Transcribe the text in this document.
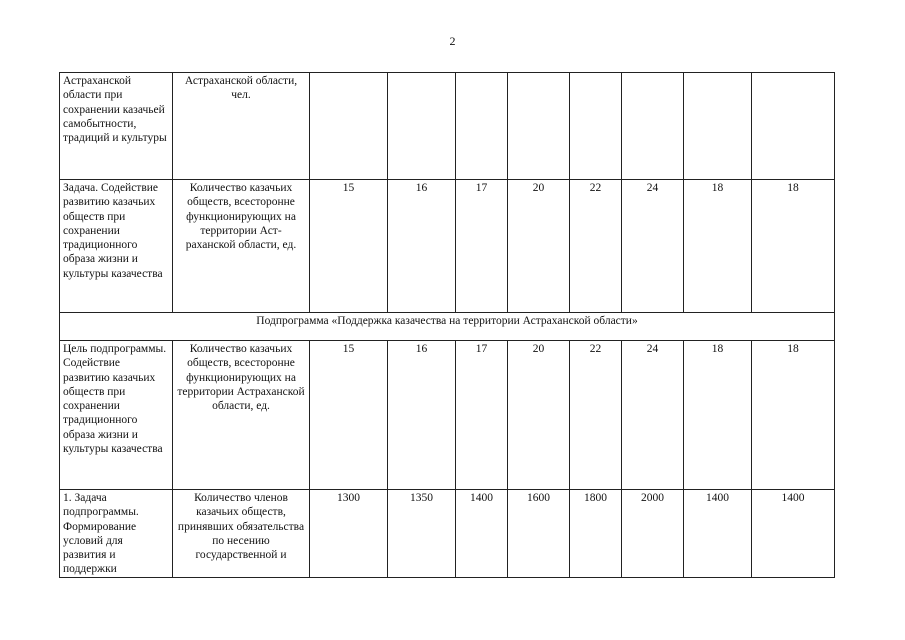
2
Астраханской области при сохранении казачьей самобытности, традиций и культуры	Астраханской области, чел.								
Задача. Содействие развитию казачьих обществ при сохранении традиционного образа жизни и культуры казачества	Количество казачьих обществ, всесторонне функционирующих на территории Аст-раханской области, ед.	15	16	17	20	22	24	18	18
Подпрограмма «Поддержка казачества на территории Астраханской области»									
Цель подпрограммы. Содействие развитию казачьих обществ при сохранении традиционного образа жизни и культуры казачества	Количество казачьих обществ, всесторонне функционирующих на территории Астраханской области, ед.	15	16	17	20	22	24	18	18
1. Задача подпрограммы. Формирование условий для развития и поддержки	Количество членов казачьих обществ, принявших обязательства по несению государственной и	1300	1350	1400	1600	1800	2000	1400	1400
